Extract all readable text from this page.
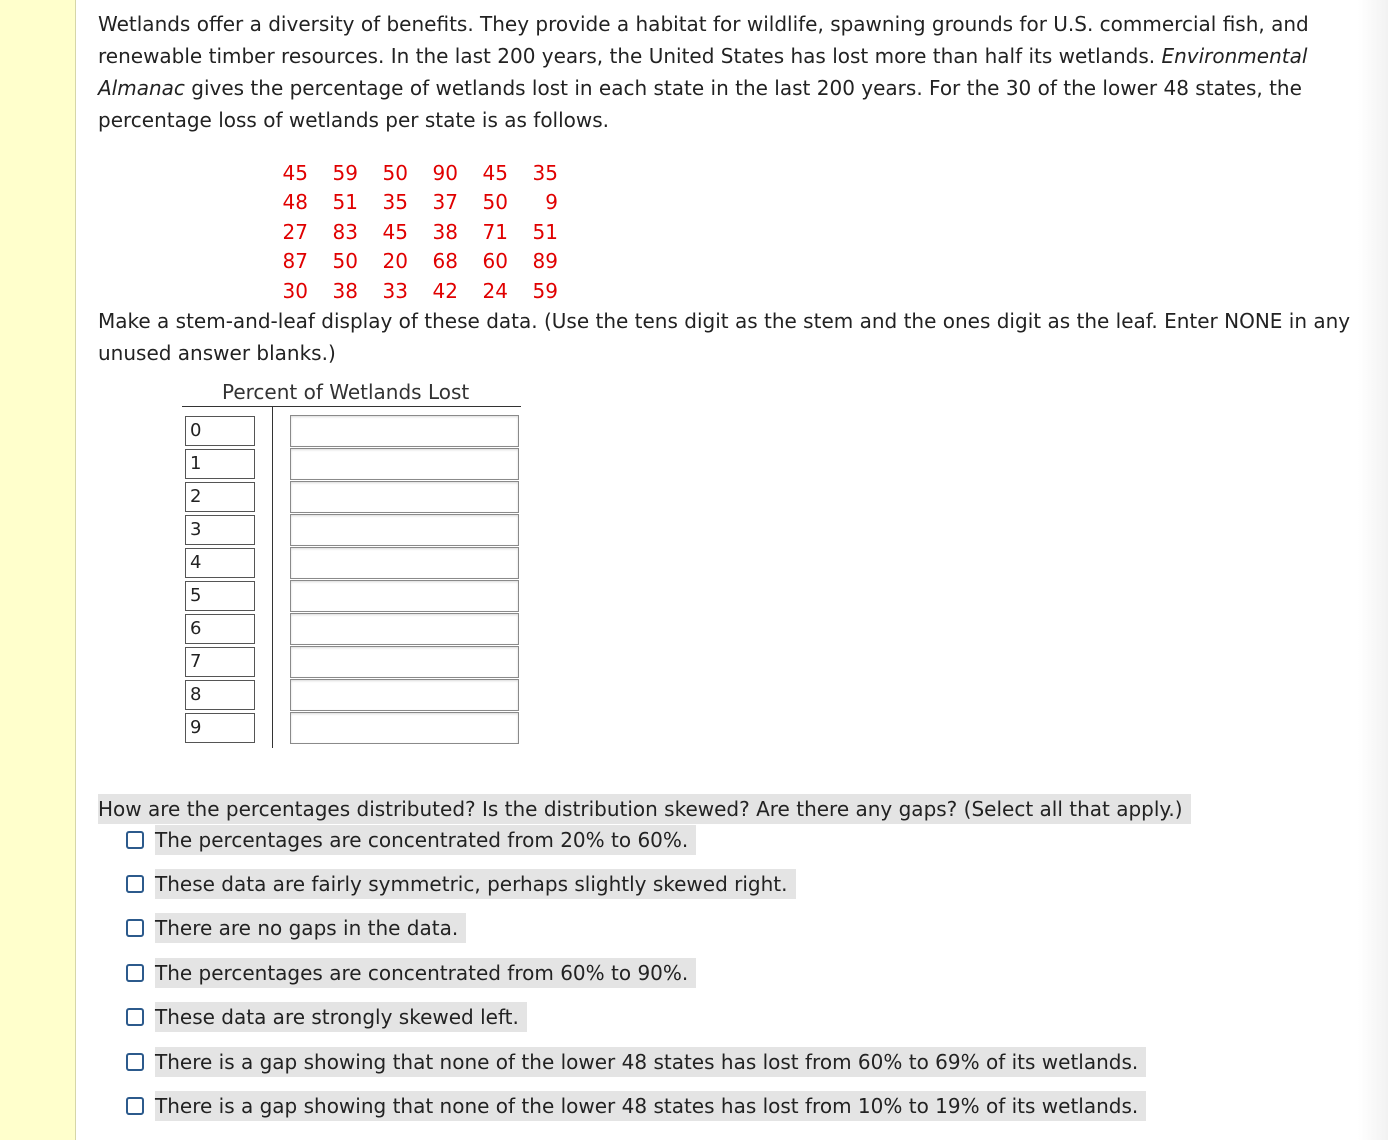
Wetlands offer a diversity of benefits. They provide a habitat for wildlife, spawning grounds for U.S. commercial fish, and renewable timber resources. In the last 200 years, the United States has lost more than half its wetlands. Environmental Almanac gives the percentage of wetlands lost in each state in the last 200 years. For the 30 of the lower 48 states, the percentage loss of wetlands per state is as follows.

45	59	50	90	45	35
48	51	35	37	50	9
27	83	45	38	71	51
87	50	20	68	60	89
30	38	33	42	24	59

Make a stem-and-leaf display of these data. (Use the tens digit as the stem and the ones digit as the leaf. Enter NONE in any unused answer blanks.)

Percent of Wetlands Lost
0
1
2
3
4
5
6
7
8
9
How are the percentages distributed? Is the distribution skewed? Are there any gaps? (Select all that apply.)
The percentages are concentrated from 20% to 60%.
These data are fairly symmetric, perhaps slightly skewed right.
There are no gaps in the data.
The percentages are concentrated from 60% to 90%.
These data are strongly skewed left.
There is a gap showing that none of the lower 48 states has lost from 60% to 69% of its wetlands.
There is a gap showing that none of the lower 48 states has lost from 10% to 19% of its wetlands.
